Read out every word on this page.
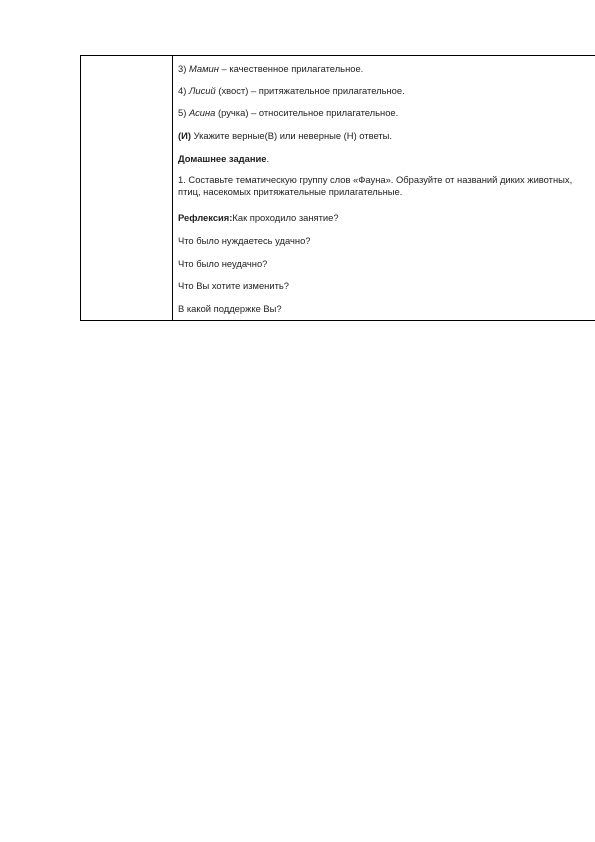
3) Мамин – качественное прилагательное.
4) Лисий (хвост) – притяжательное прилагательное.
5) Асина (ручка) – относительное прилагательное.
(И) Укажите верные(В) или неверные (Н) ответы.
Домашнее задание.
1. Составьте тематическую группу слов «Фауна». Образуйте от названий диких животных, птиц, насекомых притяжательные прилагательные.
Рефлексия:Как проходило занятие?
Что было нуждаетесь удачно?
Что было неудачно?
Что Вы хотите изменить?
В какой поддержке Вы?
